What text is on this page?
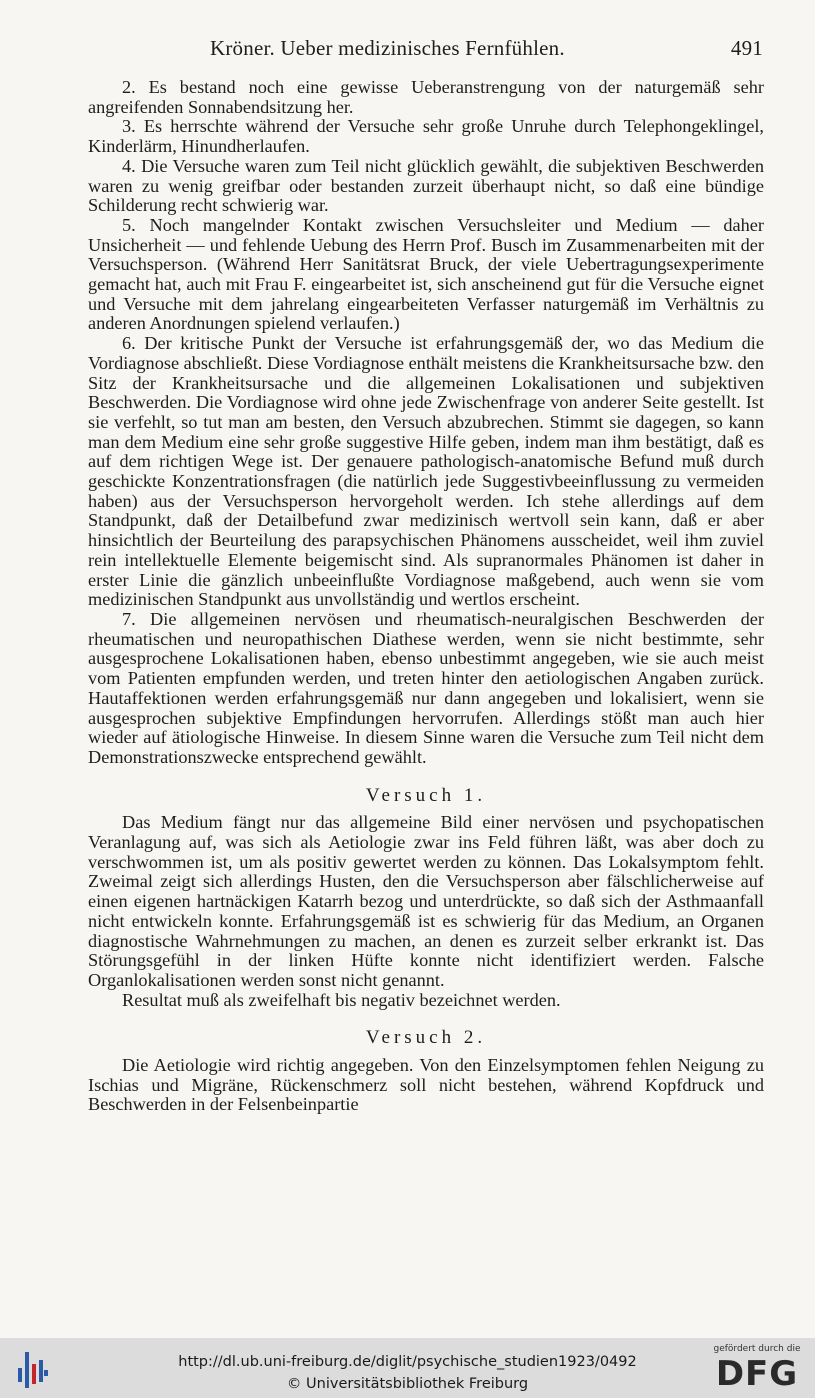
Kröner. Ueber medizinisches Fernfühlen.	491

2. Es bestand noch eine gewisse Ueberanstrengung von der naturgemäß sehr angreifenden Sonnabendsitzung her.

3. Es herrschte während der Versuche sehr große Unruhe durch Telephongeklingel, Kinderlärm, Hinundherlaufen.

4. Die Versuche waren zum Teil nicht glücklich gewählt, die subjektiven Beschwerden waren zu wenig greifbar oder bestanden zurzeit überhaupt nicht, so daß eine bündige Schilderung recht schwierig war.

5. Noch mangelnder Kontakt zwischen Versuchsleiter und Medium — daher Unsicherheit — und fehlende Uebung des Herrn Prof. Busch im Zusammenarbeiten mit der Versuchsperson. (Während Herr Sanitätsrat Bruck, der viele Uebertragungsexperimente gemacht hat, auch mit Frau F. eingearbeitet ist, sich anscheinend gut für die Versuche eignet und Versuche mit dem jahrelang eingearbeiteten Verfasser naturgemäß im Verhältnis zu anderen Anordnungen spielend verlaufen.)

6. Der kritische Punkt der Versuche ist erfahrungsgemäß der, wo das Medium die Vordiagnose abschließt. Diese Vordiagnose enthält meistens die Krankheitsursache bzw. den Sitz der Krankheitsursache und die allgemeinen Lokalisationen und subjektiven Beschwerden. Die Vordiagnose wird ohne jede Zwischenfrage von anderer Seite gestellt. Ist sie verfehlt, so tut man am besten, den Versuch abzubrechen. Stimmt sie dagegen, so kann man dem Medium eine sehr große suggestive Hilfe geben, indem man ihm bestätigt, daß es auf dem richtigen Wege ist. Der genauere pathologisch-anatomische Befund muß durch geschickte Konzentrationsfragen (die natürlich jede Suggestivbeeinflussung zu vermeiden haben) aus der Versuchsperson hervorgeholt werden. Ich stehe allerdings auf dem Standpunkt, daß der Detailbefund zwar medizinisch wertvoll sein kann, daß er aber hinsichtlich der Beurteilung des parapsychischen Phänomens ausscheidet, weil ihm zuviel rein intellektuelle Elemente beigemischt sind. Als supranormales Phänomen ist daher in erster Linie die gänzlich unbeeinflußte Vordiagnose maßgebend, auch wenn sie vom medizinischen Standpunkt aus unvollständig und wertlos erscheint.

7. Die allgemeinen nervösen und rheumatisch-neuralgischen Beschwerden der rheumatischen und neuropathischen Diathese werden, wenn sie nicht bestimmte, sehr ausgesprochene Lokalisationen haben, ebenso unbestimmt angegeben, wie sie auch meist vom Patienten empfunden werden, und treten hinter den aetiologischen Angaben zurück. Hautaffektionen werden erfahrungsgemäß nur dann angegeben und lokalisiert, wenn sie ausgesprochen subjektive Empfindungen hervorrufen. Allerdings stößt man auch hier wieder auf ätiologische Hinweise. In diesem Sinne waren die Versuche zum Teil nicht dem Demonstrationszwecke entsprechend gewählt.

Versuch 1.

Das Medium fängt nur das allgemeine Bild einer nervösen und psychopatischen Veranlagung auf, was sich als Aetiologie zwar ins Feld führen läßt, was aber doch zu verschwommen ist, um als positiv gewertet werden zu können. Das Lokalsymptom fehlt. Zweimal zeigt sich allerdings Husten, den die Versuchsperson aber fälschlicherweise auf einen eigenen hartnäckigen Katarrh bezog und unterdrückte, so daß sich der Asthmaanfall nicht entwickeln konnte. Erfahrungsgemäß ist es schwierig für das Medium, an Organen diagnostische Wahrnehmungen zu machen, an denen es zurzeit selber erkrankt ist. Das Störungsgefühl in der linken Hüfte konnte nicht identifiziert werden. Falsche Organlokalisationen werden sonst nicht genannt.

Resultat muß als zweifelhaft bis negativ bezeichnet werden.

Versuch 2.

Die Aetiologie wird richtig angegeben. Von den Einzelsymptomen fehlen Neigung zu Ischias und Migräne, Rückenschmerz soll nicht bestehen, während Kopfdruck und Beschwerden in der Felsenbeinpartie

http://dl.ub.uni-freiburg.de/diglit/psychische_studien1923/0492
© Universitätsbibliothek Freiburg
gefördert durch die
DFG
